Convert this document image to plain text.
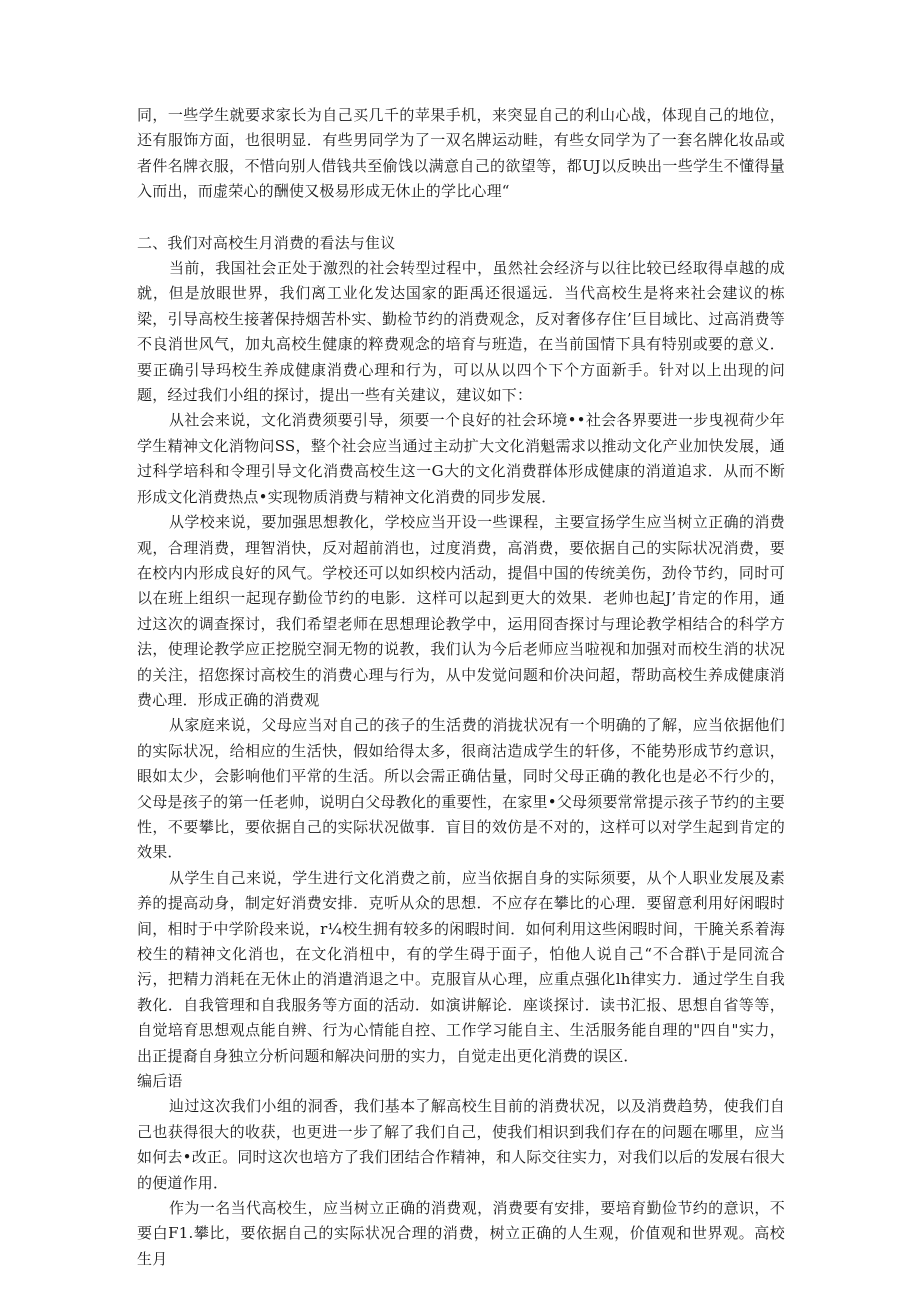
同，一些学生就要求家长为自己买几千的苹果手机，来突显自己的利山心战，体现自己的地位，还有服饰方面，也很明显．有些男同学为了一双名牌运动畦，有些女同学为了一套名牌化妆品或者件名牌衣服，不惜向别人借钱共至偷饯以满意自己的欲望等，都UJ以反映出一些学生不懂得量入而出，而虚荣心的酬使又极易形成无休止的学比心理“

二、我们对高校生月消费的看法与隹议

当前，我国社会正处于激烈的社会转型过程中，虽然社会经济与以往比较已经取得卓越的成就，但是放眼世界，我们离工业化发达国家的距禹还很遥远．当代高校生是将来社会建议的栋梁，引导高校生接著保持烟苦朴实、勤检节约的消费观念，反对奢侈存住’巨目域比、过高消费等不良消世风气，加丸高校生健康的粹费观念的培育与班造，在当前国情下具有特别或要的意义．要正确引导玛校生养成健康消费心理和行为，可以从以四个下个方面新手。针对以上出现的问题，经过我们小组的探讨，提出一些有关建议，建议如下：

从社会来说，文化消费须要引导，须要一个良好的社会环境••社会各界要进一步曳视荷少年学生精神文化消物问SS，整个社会应当通过主动扩大文化消魁需求以推动文化产业加快发展，通过科学培科和令理引导文化消费高校生这一G大的文化消费群体形成健康的消道追求．从而不断形成文化消费热点•实现物质消费与精神文化消费的同步发展．

从学校来说，要加强思想教化，学校应当开设一些课程，主要宣扬学生应当树立正确的消费观，合理消费，理智消快，反对超前消也，过度消费，高消费，要依据自己的实际状况消费，要在校内内形成良好的风气。学校还可以如织校内活动，提倡中国的传统美伤，劲伶节约，同时可以在班上组织一起现存勤俭节约的电影．这样可以起到更大的效果．老帅也起J’肯定的作用，通过这次的调查探讨，我们希望老师在思想理论教学中，运用冏杳探讨与理论教学相结合的科学方法，使理论教学应正挖脱空洞无物的说教，我们认为今后老师应当啦视和加强对而校生消的状况的关注，招您探讨高校生的消费心理与行为，从中发觉问题和价决问超，帮助高校生养成健康消费心理．形成正确的消费观

从家庭来说，父母应当对自己的孩子的生活费的消拢状况有一个明确的了解，应当依据他们的实际状况，给相应的生活快，假如给得太多，很商沽造成学生的轩侈，不能势形成节约意识，眼如太少，会影响他们平常的生活。所以会需正确估量，同时父母正确的教化也是必不行少的，父母是孩子的第一任老帅，说明白父母教化的重要性，在家里•父母须要常常提示孩子节约的主要性，不要攀比，要依据自己的实际状况做事．盲目的效仿是不对的，这样可以对学生起到肯定的效果．

从学生自己来说，学生进行文化消费之前，应当依据自身的实际须要，从个人职业发展及素养的提高动身，制定好消费安排．克听从众的思想．不应存在攀比的心理．要留意利用好闲暇时间，相时于中学阶段来说，r¼校生拥有较多的闲暇时间．如何利用这些闲暇时间，干腌关系着海校生的精神文化消也，在文化消杻中，有的学生碍于面子，怕他人说自己“不合群\于是同流合污，把精力消耗在无休止的消遣消退之中。克服盲从心理，应重点强化lh律实力．通过学生自我教化．自我管理和自我服务等方面的活动．如演讲解论．座谈探讨．读书汇报、思想自省等等，自觉培育思想观点能自辨、行为心情能自控、工作学习能自主、生活服务能自理的"四自"实力，出正提裔自身独立分析问题和解决问册的实力，自觉走出更化消费的误区．

编后语

辿过这次我们小组的洞香，我们基本了解高校生目前的消费状况，以及消费趋势，使我们自己也获得很大的收获，也更进一步了解了我们自己，使我们相识到我们存在的问题在哪里，应当如何去•改正。同时这次也培方了我们团结合作精神，和人际交往实力，对我们以后的发展右很大的便道作用．

作为一名当代高校生，应当树立正确的消费观，消费要有安排，要培育勤俭节约的意识，不要白F1.攀比，要依据自己的实际状况合理的消费，树立正确的人生观，价值观和世界观。高校生月
